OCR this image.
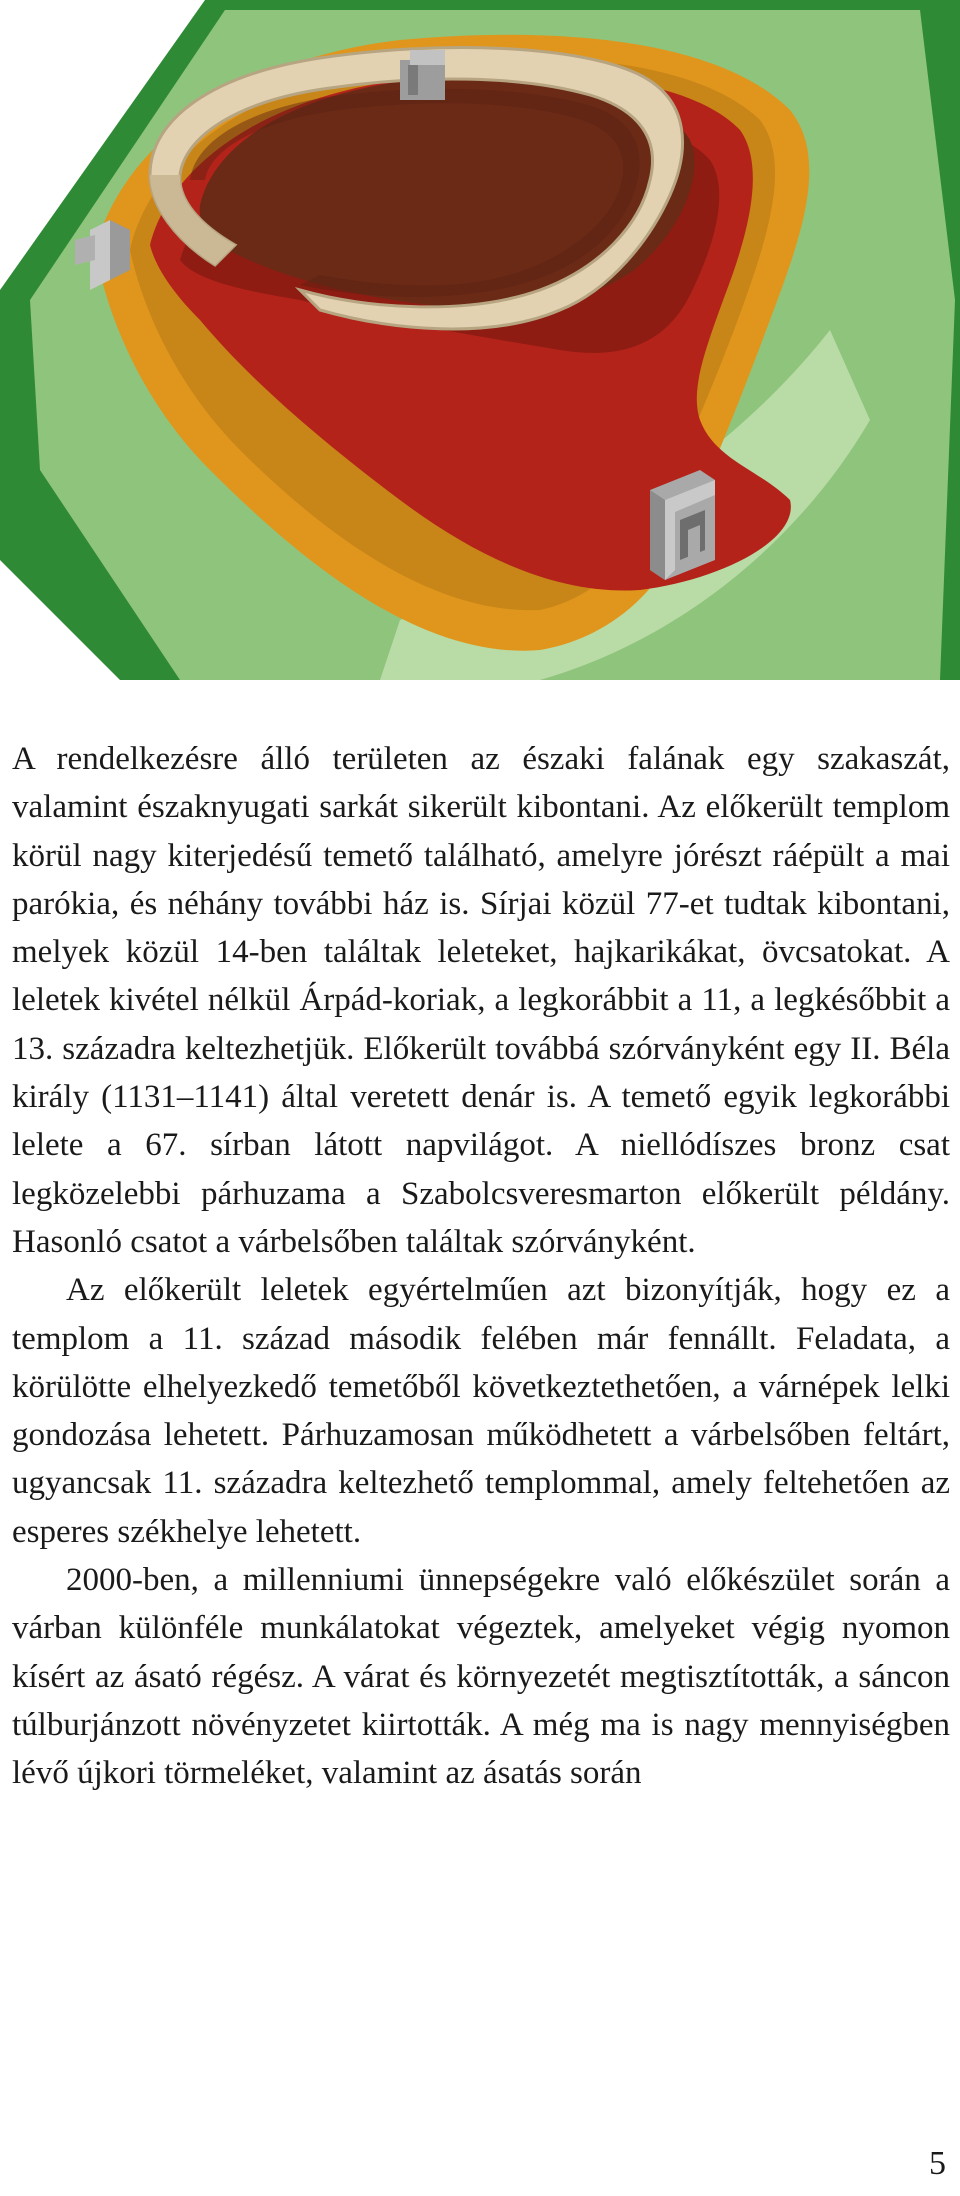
A rendelkezésre álló területen az északi falának egy szakaszát, valamint északnyugati sarkát sikerült kibontani. Az előkerült templom körül nagy kiterjedésű temető található, amelyre jórészt ráépült a mai parókia, és néhány további ház is. Sírjai közül 77-et tudtak kibontani, melyek közül 14-ben találtak leleteket, hajkarikákat, övcsatokat. A leletek kivétel nélkül Árpád-koriak, a legkorábbit a 11, a legkésőbbit a 13. századra keltezhetjük. Előkerült továbbá szórványként egy II. Béla király (1131–1141) által veretett denár is. A temető egyik legkorábbi lelete a 67. sírban látott napvilágot. A niellódíszes bronz csat legközelebbi párhuzama a Szabolcsveresmarton előkerült példány. Hasonló csatot a várbelsőben találtak szórványként.

Az előkerült leletek egyértelműen azt bizonyítják, hogy ez a templom a 11. század második felében már fennállt. Feladata, a körülötte elhelyezkedő temetőből következtethetően, a várnépek lelki gondozása lehetett. Párhuzamosan működhetett a várbelsőben feltárt, ugyancsak 11. századra keltezhető templommal, amely feltehetően az esperes székhelye lehetett.

2000-ben, a millenniumi ünnepségekre való előkészület során a várban különféle munkálatokat végeztek, amelyeket végig nyomon kísért az ásató régész. A várat és környezetét megtisztították, a sáncon túlburjánzott növényzetet kiirtották. A még ma is nagy mennyiségben lévő újkori törmeléket, valamint az ásatás során

5
